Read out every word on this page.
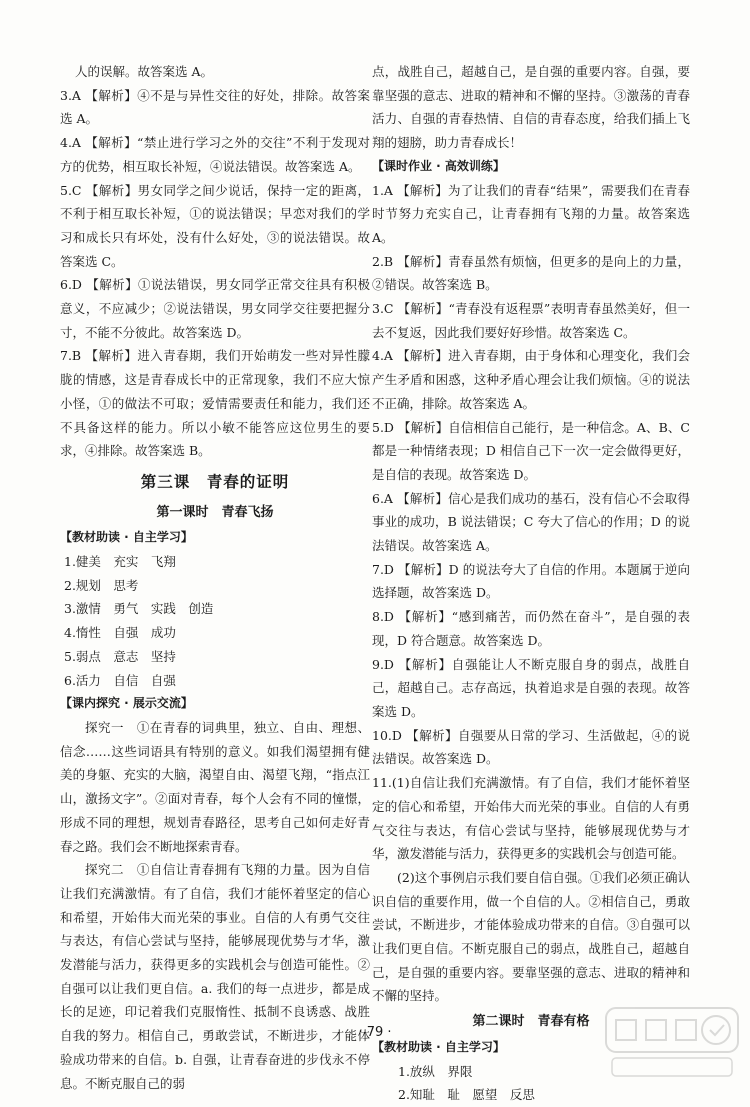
人的误解。故答案选 A。

3.A 【解析】④不是与异性交往的好处，排除。故答案选 A。

4.A 【解析】“禁止进行学习之外的交往”不利于发现对方的优势，相互取长补短，④说法错误。故答案选 A。

5.C 【解析】男女同学之间少说话，保持一定的距离，不利于相互取长补短，①的说法错误；早恋对我们的学习和成长只有坏处，没有什么好处，③的说法错误。故答案选 C。

6.D 【解析】①说法错误，男女同学正常交往具有积极意义，不应减少；②说法错误，男女同学交往要把握分寸，不能不分彼此。故答案选 D。

7.B 【解析】进入青春期，我们开始萌发一些对异性朦胧的情感，这是青春成长中的正常现象，我们不应大惊小怪，①的做法不可取；爱情需要责任和能力，我们还不具备这样的能力。所以小敏不能答应这位男生的要求，④排除。故答案选 B。

第三课　青春的证明
第一课时　青春飞扬
【教材助读 · 自主学习】
1.健美　充实　飞翔
2.规划　思考
3.激情　勇气　实践　创造
4.惰性　自强　成功
5.弱点　意志　坚持
6.活力　自信　自强
【课内探究 · 展示交流】

探究一　①在青春的词典里，独立、自由、理想、信念……这些词语具有特别的意义。如我们渴望拥有健美的身躯、充实的大脑，渴望自由、渴望飞翔，“指点江山，激扬文字”。②面对青春，每个人会有不同的憧憬，形成不同的理想，规划青春路径，思考自己如何走好青春之路。我们会不断地探索青春。

探究二　①自信让青春拥有飞翔的力量。因为自信让我们充满激情。有了自信，我们才能怀着坚定的信心和希望，开始伟大而光荣的事业。自信的人有勇气交往与表达，有信心尝试与坚持，能够展现优势与才华，激发潜能与活力，获得更多的实践机会与创造可能性。②自强可以让我们更自信。a. 我们的每一点进步，都是成长的足迹，印记着我们克服惰性、抵制不良诱惑、战胜自我的努力。相信自己，勇敢尝试，不断进步，才能体验成功带来的自信。b. 自强，让青春奋进的步伐永不停息。不断克服自己的弱

点，战胜自己，超越自己，是自强的重要内容。自强，要靠坚强的意志、进取的精神和不懈的坚持。③激荡的青春活力、自强的青春热情、自信的青春态度，给我们插上飞翔的翅膀，助力青春成长！

【课时作业 · 高效训练】

1.A 【解析】为了让我们的青春“结果”，需要我们在青春时节努力充实自己，让青春拥有飞翔的力量。故答案选 A。

2.B 【解析】青春虽然有烦恼，但更多的是向上的力量，②错误。故答案选 B。

3.C 【解析】“青春没有返程票”表明青春虽然美好，但一去不复返，因此我们要好好珍惜。故答案选 C。

4.A 【解析】进入青春期，由于身体和心理变化，我们会产生矛盾和困惑，这种矛盾心理会让我们烦恼。④的说法不正确，排除。故答案选 A。

5.D 【解析】自信相信自己能行，是一种信念。A、B、C 都是一种情绪表现；D 相信自己下一次一定会做得更好，是自信的表现。故答案选 D。

6.A 【解析】信心是我们成功的基石，没有信心不会取得事业的成功，B 说法错误；C 夸大了信心的作用；D 的说法错误。故答案选 A。

7.D 【解析】D 的说法夸大了自信的作用。本题属于逆向选择题，故答案选 D。

8.D 【解析】“感到痛苦，而仍然在奋斗”，是自强的表现，D 符合题意。故答案选 D。

9.D 【解析】自强能让人不断克服自身的弱点，战胜自己，超越自己。志存高远，执着追求是自强的表现。故答案选 D。

10.D 【解析】自强要从日常的学习、生活做起，④的说法错误。故答案选 D。

11.(1)自信让我们充满激情。有了自信，我们才能怀着坚定的信心和希望，开始伟大而光荣的事业。自信的人有勇气交往与表达，有信心尝试与坚持，能够展现优势与才华，激发潜能与活力，获得更多的实践机会与创造可能。

(2)这个事例启示我们要自信自强。①我们必须正确认识自信的重要作用，做一个自信的人。②相信自己，勇敢尝试，不断进步，才能体验成功带来的自信。③自强可以让我们更自信。不断克服自己的弱点，战胜自己，超越自己，是自强的重要内容。要靠坚强的意志、进取的精神和不懈的坚持。

第二课时　青春有格
【教材助读 · 自主学习】
1.放纵　界限
2.知耻　耻　愿望　反思
· 79 ·
